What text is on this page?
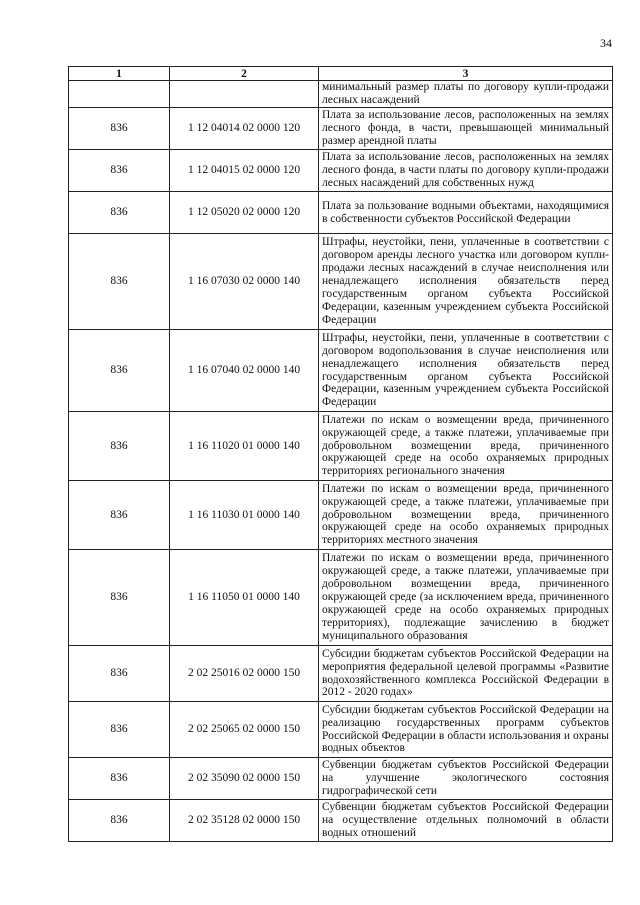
34
1	2	3
		минимальный размер платы по договору купли-продажи лесных насаждений
836	1 12 04014 02 0000 120	Плата за использование лесов, расположенных на землях лесного фонда, в части, превышающей минимальный размер арендной платы
836	1 12 04015 02 0000 120	Плата за использование лесов, расположенных на землях лесного фонда, в части платы по договору купли-продажи лесных насаждений для собственных нужд
836	1 12 05020 02 0000 120	Плата за пользование водными объектами, находящимися в собственности субъектов Российской Федерации
836	1 16 07030 02 0000 140	Штрафы, неустойки, пени, уплаченные в соответствии с договором аренды лесного участка или договором купли-продажи лесных насаждений в случае неисполнения или ненадлежащего исполнения обязательств перед государственным органом субъекта Российской Федерации, казенным учреждением субъекта Российской Федерации
836	1 16 07040 02 0000 140	Штрафы, неустойки, пени, уплаченные в соответствии с договором водопользования в случае неисполнения или ненадлежащего исполнения обязательств перед государственным органом субъекта Российской Федерации, казенным учреждением субъекта Российской Федерации
836	1 16 11020 01 0000 140	Платежи по искам о возмещении вреда, причиненного окружающей среде, а также платежи, уплачиваемые при добровольном возмещении вреда, причиненного окружающей среде на особо охраняемых природных территориях регионального значения
836	1 16 11030 01 0000 140	Платежи по искам о возмещении вреда, причиненного окружающей среде, а также платежи, уплачиваемые при добровольном возмещении вреда, причиненного окружающей среде на особо охраняемых природных территориях местного значения
836	1 16 11050 01 0000 140	Платежи по искам о возмещении вреда, причиненного окружающей среде, а также платежи, уплачиваемые при добровольном возмещении вреда, причиненного окружающей среде (за исключением вреда, причиненного окружающей среде на особо охраняемых природных территориях), подлежащие зачислению в бюджет муниципального образования
836	2 02 25016 02 0000 150	Субсидии бюджетам субъектов Российской Федерации на мероприятия федеральной целевой программы «Развитие водохозяйственного комплекса Российской Федерации в 2012 - 2020 годах»
836	2 02 25065 02 0000 150	Субсидии бюджетам субъектов Российской Федерации на реализацию государственных программ субъектов Российской Федерации в области использования и охраны водных объектов
836	2 02 35090 02 0000 150	Субвенции бюджетам субъектов Российской Федерации на улучшение экологического состояния гидрографической сети
836	2 02 35128 02 0000 150	Субвенции бюджетам субъектов Российской Федерации на осуществление отдельных полномочий в области водных отношений
